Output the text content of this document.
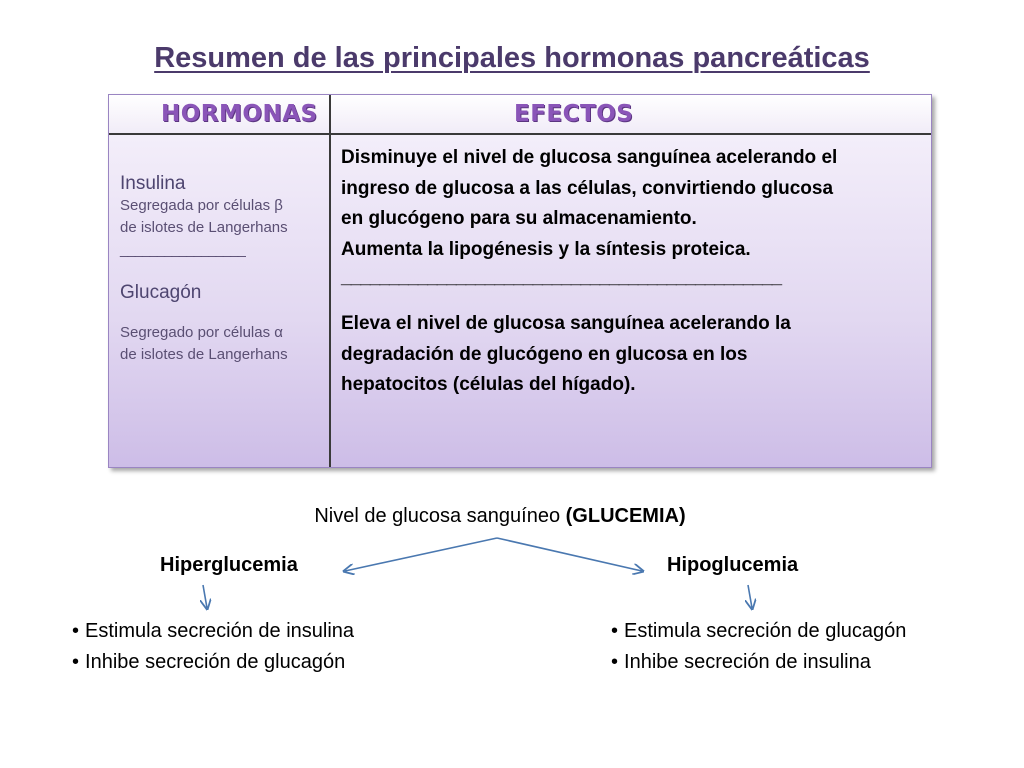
Resumen de las principales hormonas pancreáticas
HORMONAS	EFECTOS
Insulina
Segregada por células β
de islotes de Langerhans
_________________
Glucagón
Segregado por células α
de islotes de Langerhans
Disminuye el nivel de glucosa sanguínea acelerando el
ingreso de glucosa a las células, convirtiendo glucosa
en glucógeno para su almacenamiento.
Aumenta la lipogénesis y la síntesis proteica.
______________________________________________
Eleva el nivel de glucosa sanguínea acelerando la
degradación de glucógeno en glucosa en los
hepatocitos (células del hígado).
Nivel de glucosa sanguíneo (GLUCEMIA)
Hiperglucemia	Hipoglucemia
• Estimula secreción de insulina
• Inhibe secreción de glucagón
• Estimula secreción de glucagón
• Inhibe secreción de insulina
